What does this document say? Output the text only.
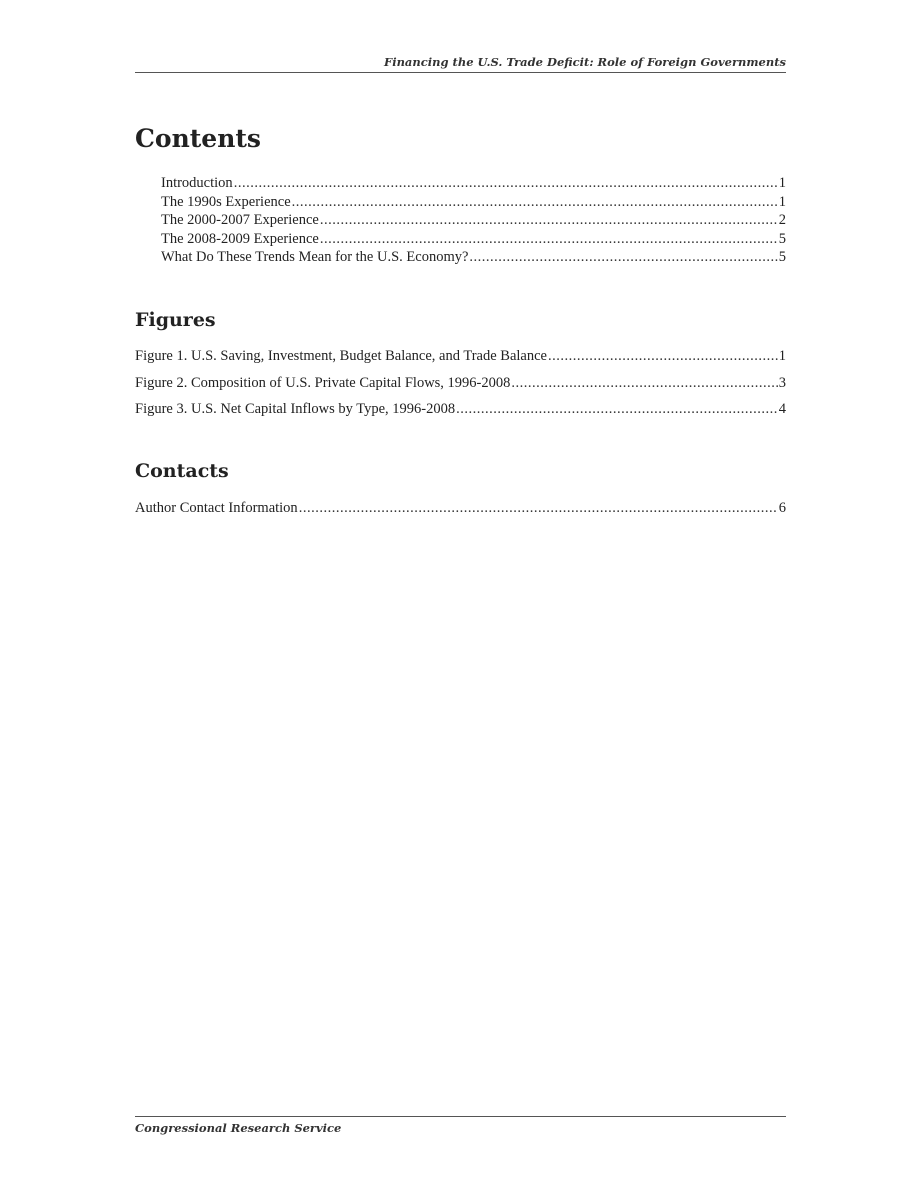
Financing the U.S. Trade Deficit: Role of Foreign Governments
Contents
Introduction .....	1
The 1990s Experience .....	1
The 2000-2007 Experience .....	2
The 2008-2009 Experience .....	5
What Do These Trends Mean for the U.S. Economy? .....	5
Figures
Figure 1. U.S. Saving, Investment, Budget Balance, and Trade Balance .....	1
Figure 2. Composition of U.S. Private Capital Flows, 1996-2008 .....	3
Figure 3. U.S. Net Capital Inflows by Type, 1996-2008 .....	4
Contacts
Author Contact Information .....	6
Congressional Research Service
